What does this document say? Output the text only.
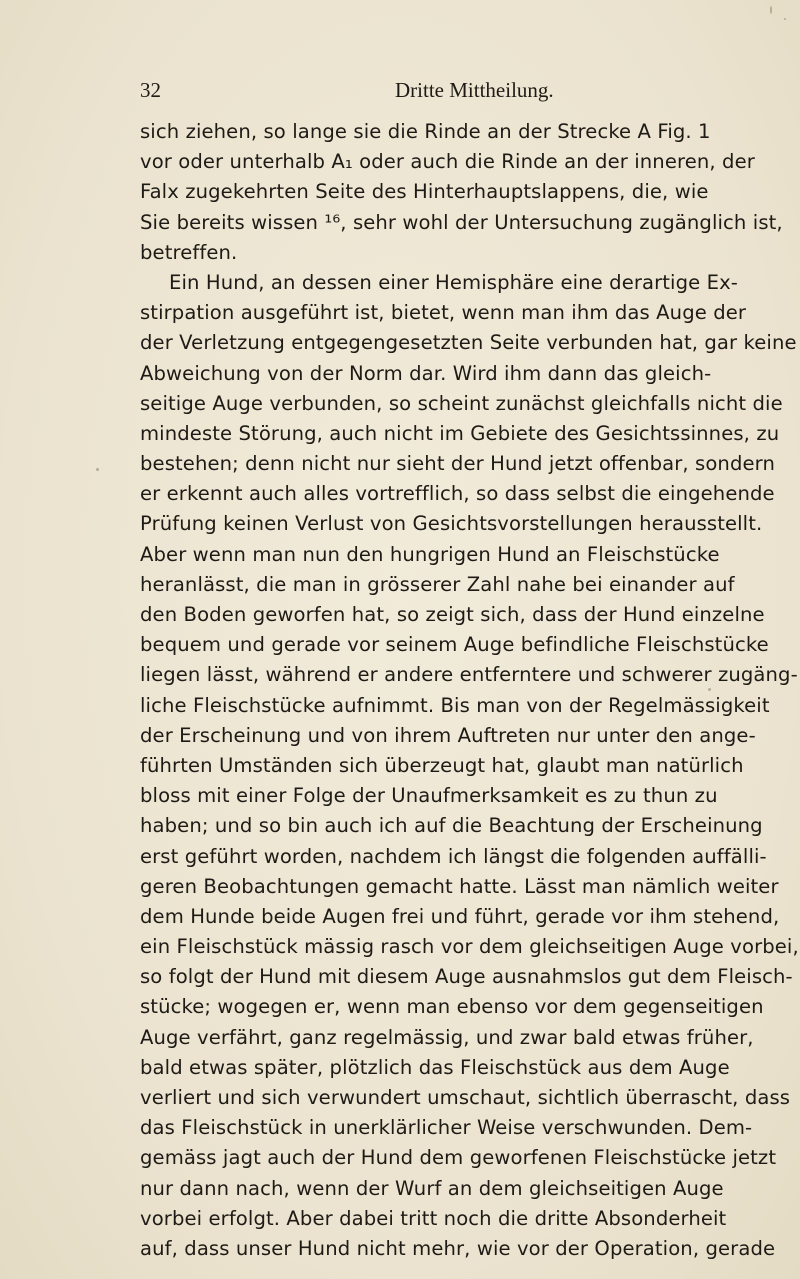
32	Dritte Mittheilung.
sich ziehen, so lange sie die Rinde an der Strecke A Fig. 1
vor oder unterhalb A₁ oder auch die Rinde an der inneren, der
Falx zugekehrten Seite des Hinterhauptslappens, die, wie
Sie bereits wissen ¹⁶, sehr wohl der Untersuchung zugänglich ist,
betreffen.
Ein Hund, an dessen einer Hemisphäre eine derartige Ex-
stirpation ausgeführt ist, bietet, wenn man ihm das Auge der
der Verletzung entgegengesetzten Seite verbunden hat, gar keine
Abweichung von der Norm dar. Wird ihm dann das gleich-
seitige Auge verbunden, so scheint zunächst gleichfalls nicht die
mindeste Störung, auch nicht im Gebiete des Gesichtssinnes, zu
bestehen; denn nicht nur sieht der Hund jetzt offenbar, sondern
er erkennt auch alles vortrefflich, so dass selbst die eingehende
Prüfung keinen Verlust von Gesichtsvorstellungen herausstellt.
Aber wenn man nun den hungrigen Hund an Fleischstücke
heranlässt, die man in grösserer Zahl nahe bei einander auf
den Boden geworfen hat, so zeigt sich, dass der Hund einzelne
bequem und gerade vor seinem Auge befindliche Fleischstücke
liegen lässt, während er andere entferntere und schwerer zugäng-
liche Fleischstücke aufnimmt. Bis man von der Regelmässigkeit
der Erscheinung und von ihrem Auftreten nur unter den ange-
führten Umständen sich überzeugt hat, glaubt man natürlich
bloss mit einer Folge der Unaufmerksamkeit es zu thun zu
haben; und so bin auch ich auf die Beachtung der Erscheinung
erst geführt worden, nachdem ich längst die folgenden auffälli-
geren Beobachtungen gemacht hatte. Lässt man nämlich weiter
dem Hunde beide Augen frei und führt, gerade vor ihm stehend,
ein Fleischstück mässig rasch vor dem gleichseitigen Auge vorbei,
so folgt der Hund mit diesem Auge ausnahmslos gut dem Fleisch-
stücke; wogegen er, wenn man ebenso vor dem gegenseitigen
Auge verfährt, ganz regelmässig, und zwar bald etwas früher,
bald etwas später, plötzlich das Fleischstück aus dem Auge
verliert und sich verwundert umschaut, sichtlich überrascht, dass
das Fleischstück in unerklärlicher Weise verschwunden. Dem-
gemäss jagt auch der Hund dem geworfenen Fleischstücke jetzt
nur dann nach, wenn der Wurf an dem gleichseitigen Auge
vorbei erfolgt. Aber dabei tritt noch die dritte Absonderheit
auf, dass unser Hund nicht mehr, wie vor der Operation, gerade
